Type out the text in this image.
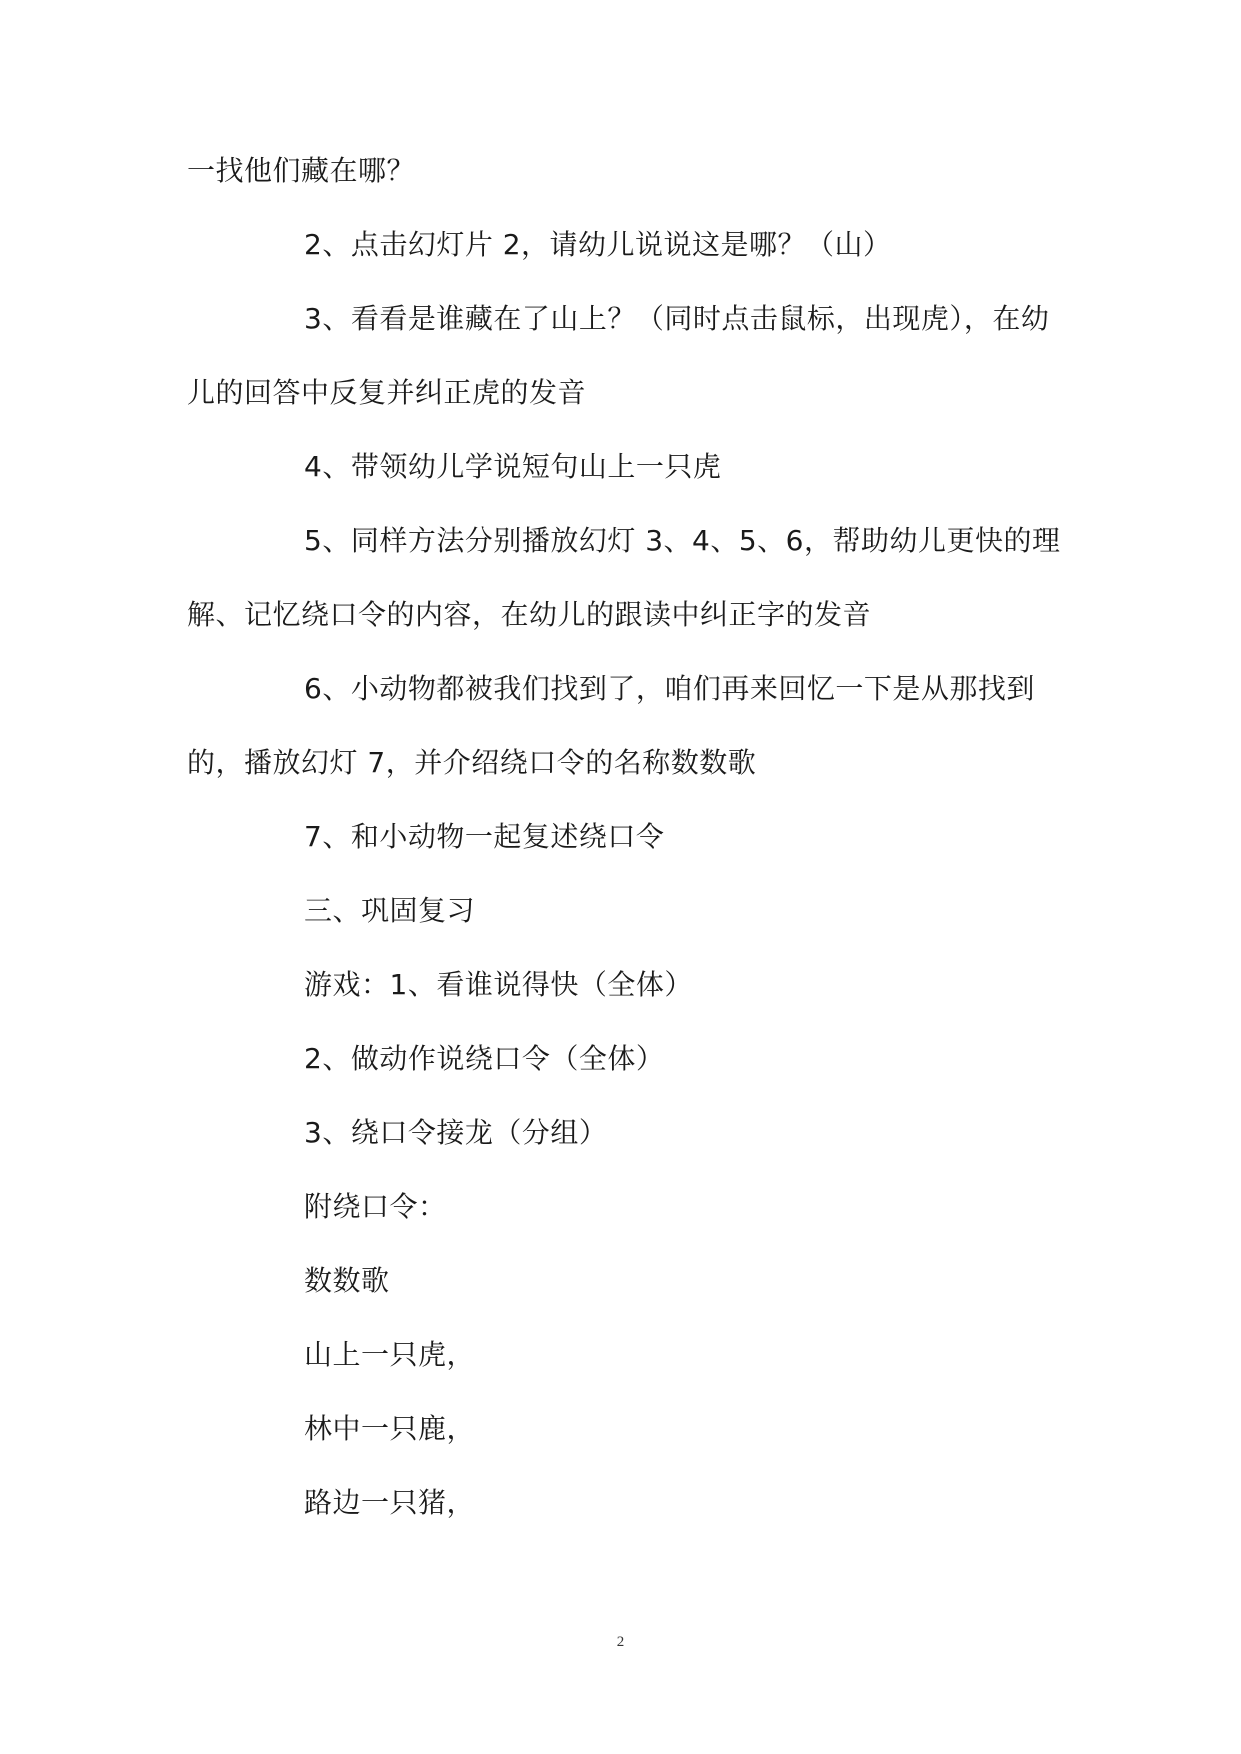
一找他们藏在哪？
2、点击幻灯片 2，请幼儿说说这是哪？（山）
3、看看是谁藏在了山上？（同时点击鼠标，出现虎），在幼
儿的回答中反复并纠正虎的发音
4、带领幼儿学说短句山上一只虎
5、同样方法分别播放幻灯 3、4、5、6，帮助幼儿更快的理
解、记忆绕口令的内容，在幼儿的跟读中纠正字的发音
6、小动物都被我们找到了，咱们再来回忆一下是从那找到
的，播放幻灯 7，并介绍绕口令的名称数数歌
7、和小动物一起复述绕口令
三、巩固复习
游戏：1、看谁说得快（全体）
2、做动作说绕口令（全体）
3、绕口令接龙（分组）
附绕口令：
数数歌
山上一只虎，
林中一只鹿，
路边一只猪，
2
